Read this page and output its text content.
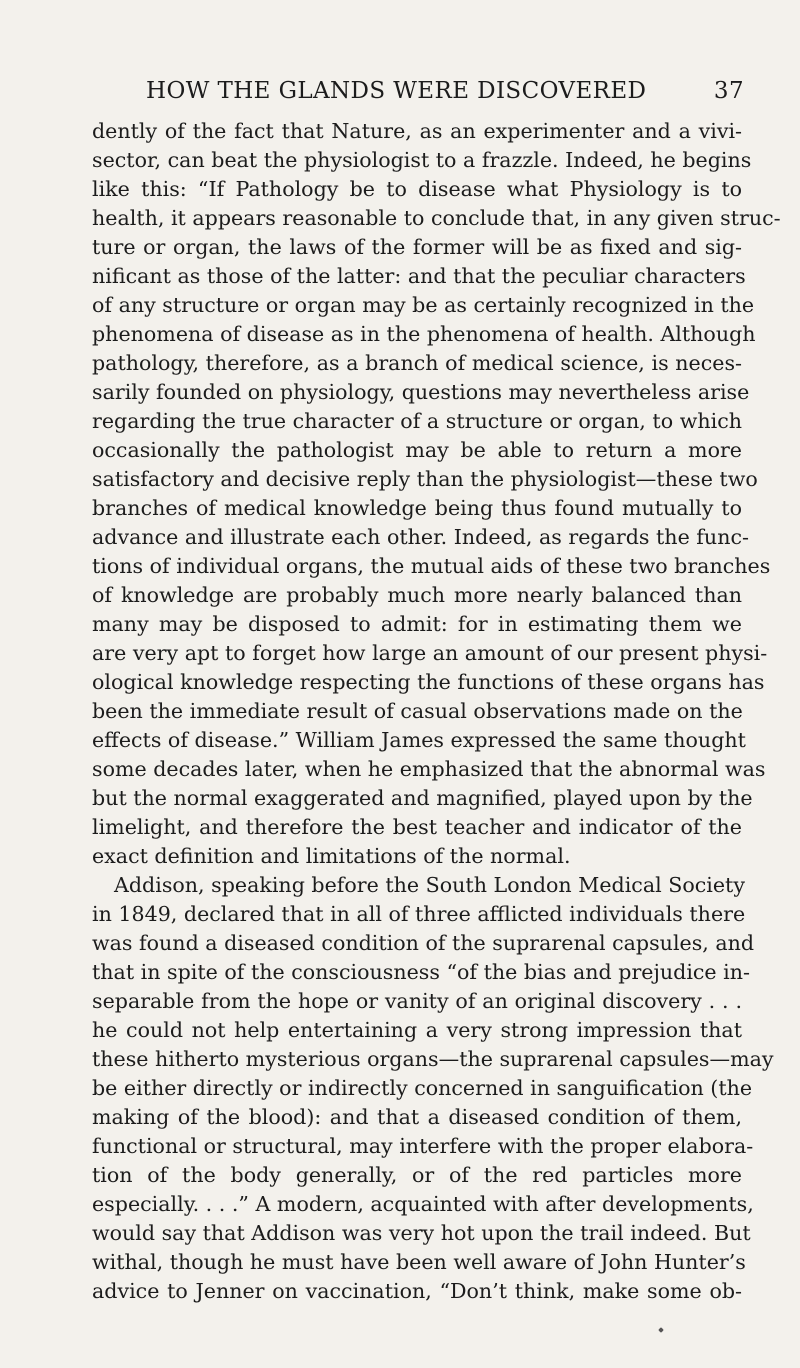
HOW THE GLANDS WERE DISCOVERED	37
dently of the fact that Nature, as an experimenter and a vivi-
sector, can beat the physiologist to a frazzle. Indeed, he begins
like this: “If Pathology be to disease what Physiology is to
health, it appears reasonable to conclude that, in any given struc-
ture or organ, the laws of the former will be as fixed and sig-
nificant as those of the latter: and that the peculiar characters
of any structure or organ may be as certainly recognized in the
phenomena of disease as in the phenomena of health. Although
pathology, therefore, as a branch of medical science, is neces-
sarily founded on physiology, questions may nevertheless arise
regarding the true character of a structure or organ, to which
occasionally the pathologist may be able to return a more
satisfactory and decisive reply than the physiologist—these two
branches of medical knowledge being thus found mutually to
advance and illustrate each other. Indeed, as regards the func-
tions of individual organs, the mutual aids of these two branches
of knowledge are probably much more nearly balanced than
many may be disposed to admit: for in estimating them we
are very apt to forget how large an amount of our present physi-
ological knowledge respecting the functions of these organs has
been the immediate result of casual observations made on the
effects of disease.” William James expressed the same thought
some decades later, when he emphasized that the abnormal was
but the normal exaggerated and magnified, played upon by the
limelight, and therefore the best teacher and indicator of the
exact definition and limitations of the normal.
Addison, speaking before the South London Medical Society
in 1849, declared that in all of three afflicted individuals there
was found a diseased condition of the suprarenal capsules, and
that in spite of the consciousness “of the bias and prejudice in-
separable from the hope or vanity of an original discovery . . .
he could not help entertaining a very strong impression that
these hitherto mysterious organs—the suprarenal capsules—may
be either directly or indirectly concerned in sanguification (the
making of the blood): and that a diseased condition of them,
functional or structural, may interfere with the proper elabora-
tion of the body generally, or of the red particles more
especially. . . .” A modern, acquainted with after developments,
would say that Addison was very hot upon the trail indeed. But
withal, though he must have been well aware of John Hunter’s
advice to Jenner on vaccination, “Don’t think, make some ob-
